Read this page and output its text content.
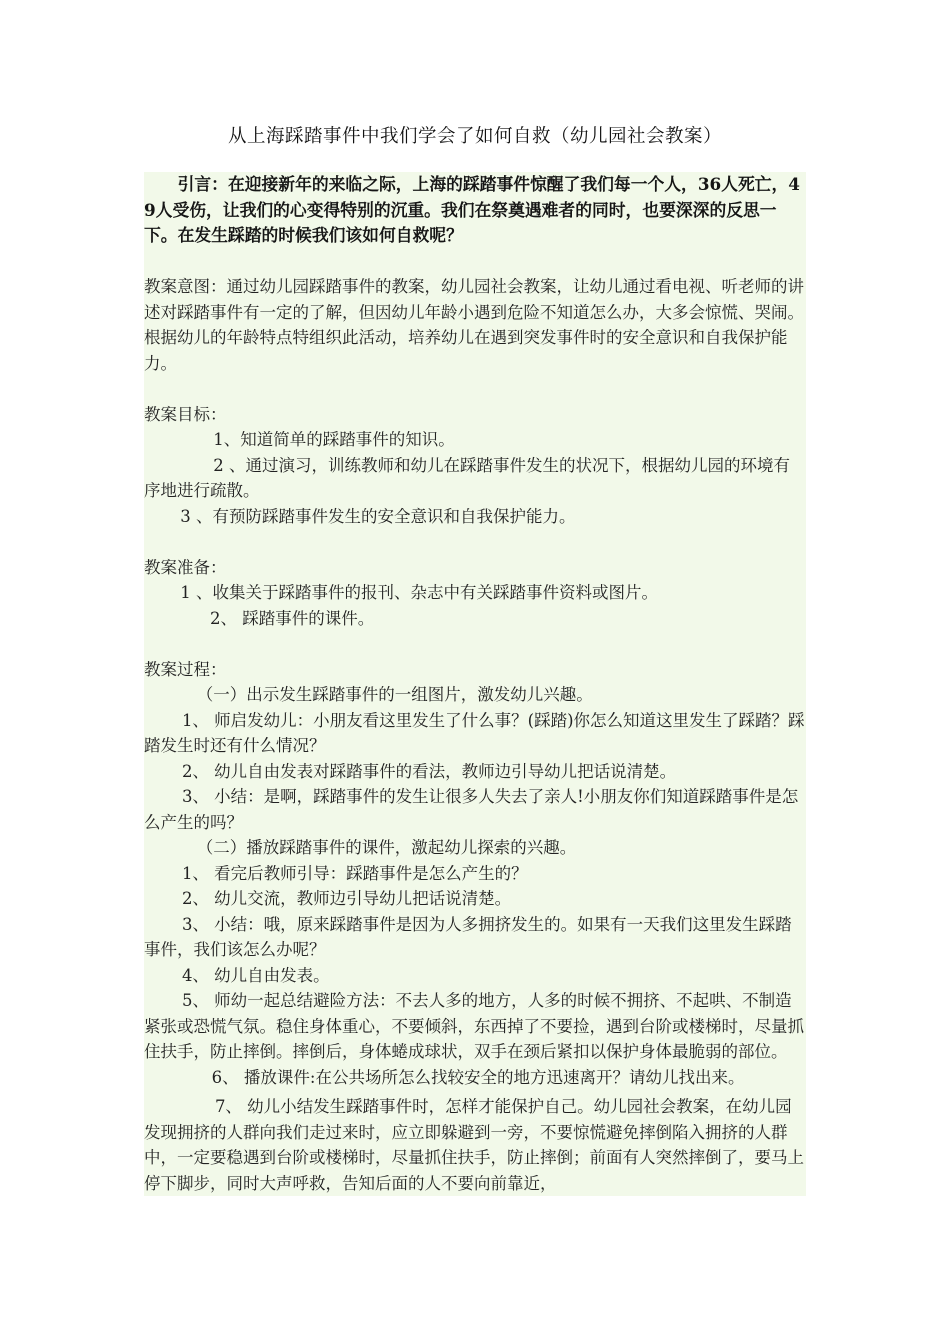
从上海踩踏事件中我们学会了如何自救（幼儿园社会教案）

引言：在迎接新年的来临之际，上海的踩踏事件惊醒了我们每一个人，36人死亡，49人受伤，让我们的心变得特别的沉重。我们在祭奠遇难者的同时，也要深深的反思一下。在发生踩踏的时候我们该如何自救呢？

教案意图：通过幼儿园踩踏事件的教案，幼儿园社会教案，让幼儿通过看电视、听老师的讲述对踩踏事件有一定的了解，但因幼儿年龄小遇到危险不知道怎么办，大多会惊慌、哭闹。根据幼儿的年龄特点特组织此活动，培养幼儿在遇到突发事件时的安全意识和自我保护能力。

教案目标：

1、知道简单的踩踏事件的知识。

2 、通过演习，训练教师和幼儿在踩踏事件发生的状况下，根据幼儿园的环境有序地进行疏散。

3 、有预防踩踏事件发生的安全意识和自我保护能力。

教案准备：

1 、收集关于踩踏事件的报刊、杂志中有关踩踏事件资料或图片。

2、 踩踏事件的课件。

教案过程：

（一）出示发生踩踏事件的一组图片，激发幼儿兴趣。

1、 师启发幼儿：小朋友看这里发生了什么事？(踩踏)你怎么知道这里发生了踩踏？踩踏发生时还有什么情况？

2、 幼儿自由发表对踩踏事件的看法，教师边引导幼儿把话说清楚。

3、 小结：是啊，踩踏事件的发生让很多人失去了亲人!小朋友你们知道踩踏事件是怎么产生的吗？

（二）播放踩踏事件的课件，激起幼儿探索的兴趣。

1、 看完后教师引导：踩踏事件是怎么产生的？

2、 幼儿交流，教师边引导幼儿把话说清楚。

3、 小结：哦，原来踩踏事件是因为人多拥挤发生的。如果有一天我们这里发生踩踏事件，我们该怎么办呢？

4、 幼儿自由发表。

5、 师幼一起总结避险方法：不去人多的地方，人多的时候不拥挤、不起哄、不制造紧张或恐慌气氛。稳住身体重心，不要倾斜，东西掉了不要捡，遇到台阶或楼梯时，尽量抓住扶手，防止摔倒。摔倒后，身体蜷成球状，双手在颈后紧扣以保护身体最脆弱的部位。

6、 播放课件:在公共场所怎么找较安全的地方迅速离开？请幼儿找出来。

7、 幼儿小结发生踩踏事件时，怎样才能保护自己。幼儿园社会教案，在幼儿园发现拥挤的人群向我们走过来时，应立即躲避到一旁，不要惊慌避免摔倒陷入拥挤的人群中，一定要稳遇到台阶或楼梯时，尽量抓住扶手，防止摔倒；前面有人突然摔倒了，要马上停下脚步，同时大声呼救，告知后面的人不要向前靠近，
